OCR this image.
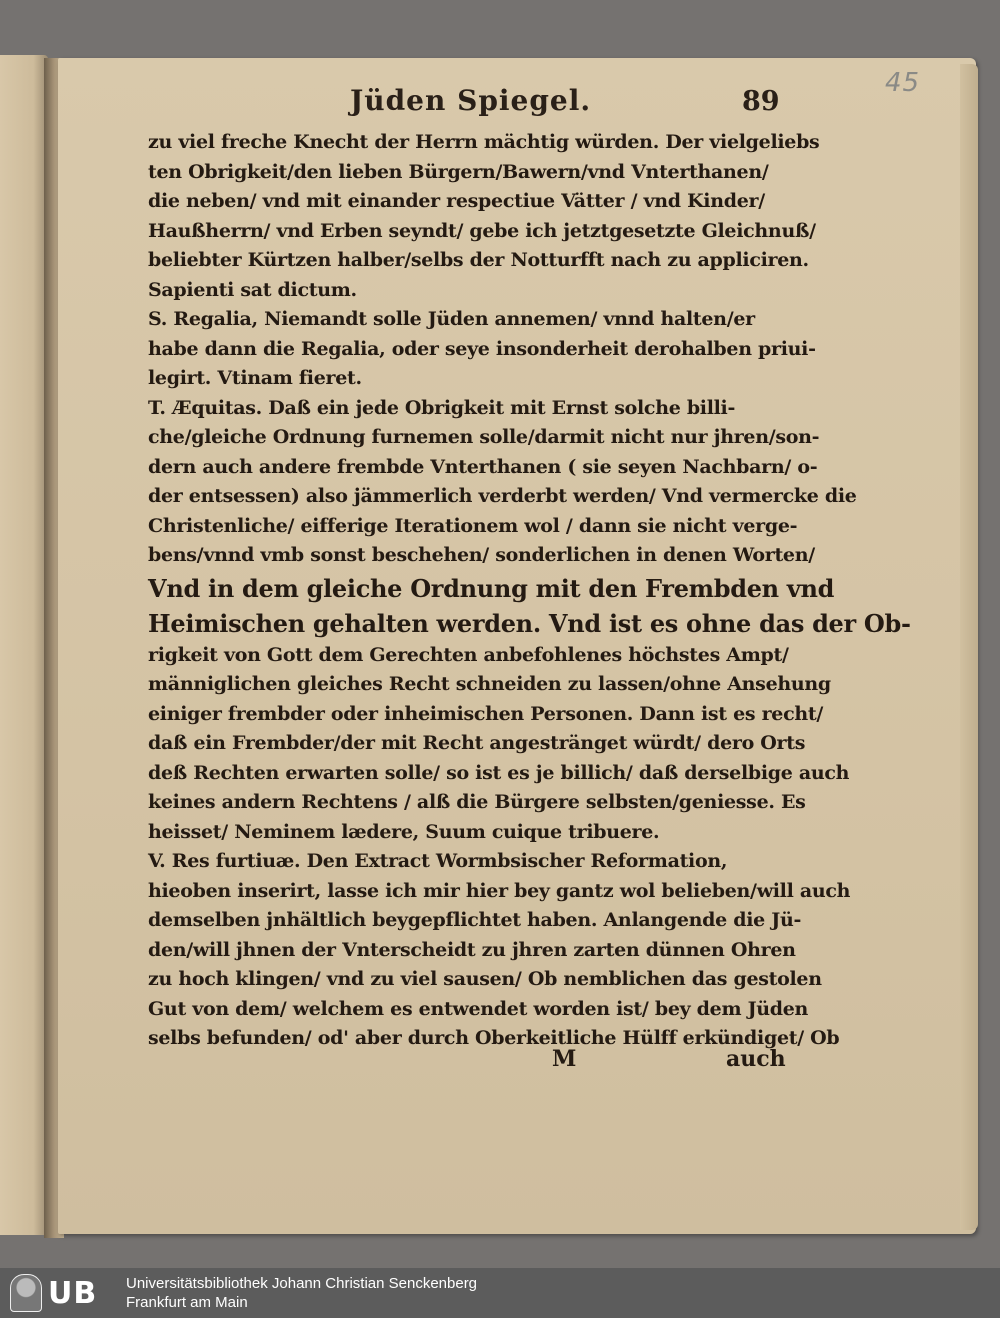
45
Jüden Spiegel.	89
zu viel freche Knecht der Herrn mächtig würden. Der vielgeliebs
ten Obrigkeit/den lieben Bürgern/Bawern/vnd Vnterthanen/
die neben/ vnd mit einander respectiue Vätter / vnd Kinder/
Haußherrn/ vnd Erben seyndt/ gebe ich jetztgesetzte Gleichnuß/
beliebter Kürtzen halber/selbs der Notturfft nach zu appliciren.
Sapienti sat dictum.
S. Regalia, Niemandt solle Jüden annemen/ vnnd halten/er
habe dann die Regalia, oder seye insonderheit derohalben priui-
legirt. Vtinam fieret.
T. Æquitas. Daß ein jede Obrigkeit mit Ernst solche billi-
che/gleiche Ordnung furnemen solle/darmit nicht nur jhren/son-
dern auch andere frembde Vnterthanen ( sie seyen Nachbarn/ o-
der entsessen) also jämmerlich verderbt werden/ Vnd vermercke die
Christenliche/ eifferige Iterationem wol / dann sie nicht verge-
bens/vnnd vmb sonst beschehen/ sonderlichen in denen Worten/
Vnd in dem gleiche Ordnung mit den Frembden vnd
Heimischen gehalten werden. Vnd ist es ohne das der Ob-
rigkeit von Gott dem Gerechten anbefohlenes höchstes Ampt/
männiglichen gleiches Recht schneiden zu lassen/ohne Ansehung
einiger frembder oder inheimischen Personen. Dann ist es recht/
daß ein Frembder/der mit Recht angestränget würdt/ dero Orts
deß Rechten erwarten solle/ so ist es je billich/ daß derselbige auch
keines andern Rechtens / alß die Bürgere selbsten/geniesse. Es
heisset/ Neminem lædere, Suum cuique tribuere.
V. Res furtiuæ. Den Extract Wormbsischer Reformation,
hieoben inserirt, lasse ich mir hier bey gantz wol belieben/will auch
demselben jnhältlich beygepflichtet haben. Anlangende die Jü-
den/will jhnen der Vnterscheidt zu jhren zarten dünnen Ohren
zu hoch klingen/ vnd zu viel sausen/ Ob nemblichen das gestolen
Gut von dem/ welchem es entwendet worden ist/ bey dem Jüden
selbs befunden/ od' aber durch Oberkeitliche Hülff erkündiget/ Ob
M	auch
UB Universitätsbibliothek Johann Christian Senckenberg
Frankfurt am Main
